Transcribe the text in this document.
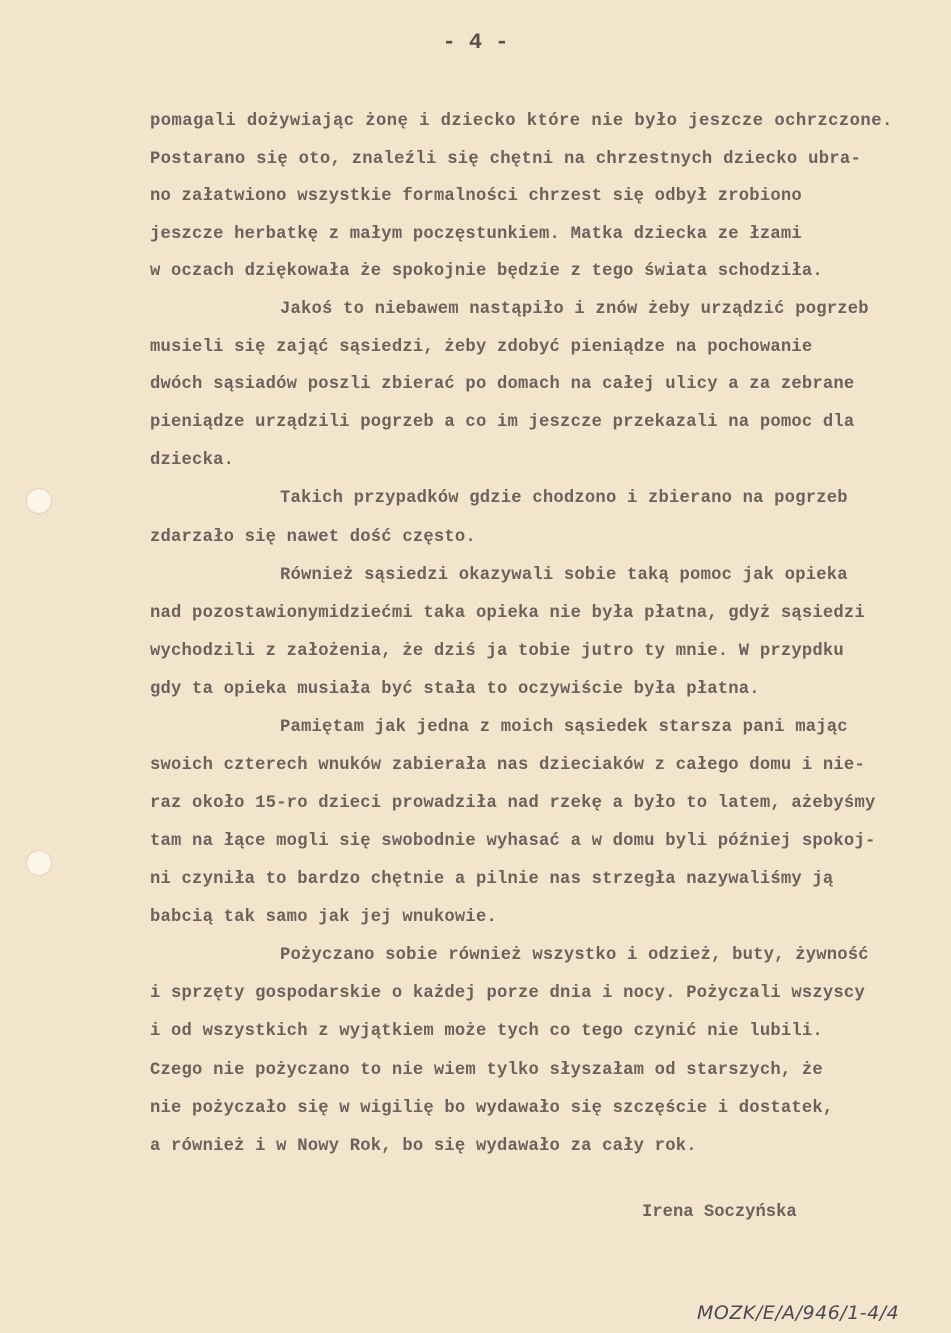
- 4 -
pomagali dożywiając żonę i dziecko które nie było jeszcze ochrzczone.
Postarano się oto, znaleźli się chętni na chrzestnych dziecko ubra-
no załatwiono wszystkie formalności chrzest się odbył zrobiono
jeszcze herbatkę z małym poczęstunkiem. Matka dziecka ze łzami
w oczach dziękowała że spokojnie będzie z tego świata schodziła.
Jakoś to niebawem nastąpiło i znów żeby urządzić pogrzeb
musieli się zająć sąsiedzi, żeby zdobyć pieniądze na pochowanie
dwóch sąsiadów poszli zbierać po domach na całej ulicy a za zebrane
pieniądze urządzili pogrzeb a co im jeszcze przekazali na pomoc dla
dziecka.
Takich przypadków gdzie chodzono i zbierano na pogrzeb
zdarzało się nawet dość często.
Również sąsiedzi okazywali sobie taką pomoc jak opieka
nad pozostawionymidziećmi taka opieka nie była płatna, gdyż sąsiedzi
wychodzili z założenia, że dziś ja tobie jutro ty mnie. W przypdku
gdy ta opieka musiała być stała to oczywiście była płatna.
Pamiętam jak jedna z moich sąsiedek starsza pani mając
swoich czterech wnuków zabierała nas dzieciaków z całego domu i nie-
raz około 15-ro dzieci prowadziła nad rzekę a było to latem, ażebyśmy
tam na łące mogli się swobodnie wyhasać a w domu byli później spokoj-
ni czyniła to bardzo chętnie a pilnie nas strzegła nazywaliśmy ją
babcią tak samo jak jej wnukowie.
Pożyczano sobie również wszystko i odzież, buty, żywność
i sprzęty gospodarskie o każdej porze dnia i nocy. Pożyczali wszyscy
i od wszystkich z wyjątkiem może tych co tego czynić nie lubili.
Czego nie pożyczano to nie wiem tylko słyszałam od starszych, że
nie pożyczało się w wigilię bo wydawało się szczęście i dostatek,
a również i w Nowy Rok, bo się wydawało za cały rok.
Irena Soczyńska
MOZK/E/A/946/1-4/4
